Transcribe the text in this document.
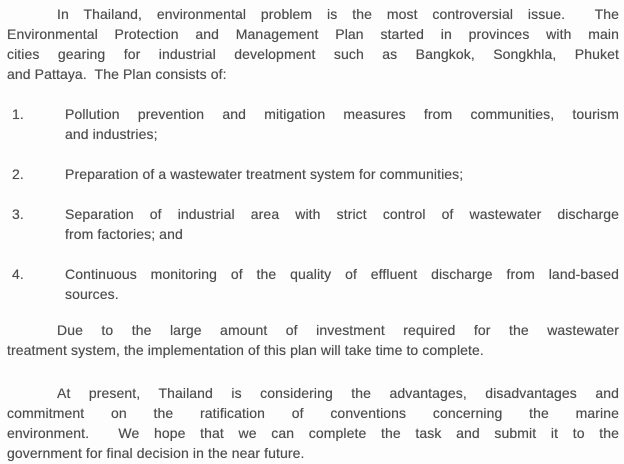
In Thailand, environmental problem is the most controversial issue.  The
Environmental Protection and Management Plan started in provinces with main
cities gearing for industrial development such as Bangkok, Songkhla, Phuket
and Pattaya.  The Plan consists of:
1.	Pollution prevention and mitigation measures from communities, tourism
and industries;
2.	Preparation of a wastewater treatment system for communities;
3.	Separation of industrial area with strict control of wastewater discharge
from factories; and
4.	Continuous monitoring of the quality of effluent discharge from land-based
sources.
Due to the large amount of investment required for the wastewater
treatment system, the implementation of this plan will take time to complete.
At present, Thailand is considering the advantages, disadvantages and
commitment on the ratification of conventions concerning the marine
environment.  We hope that we can complete the task and submit it to the
government for final decision in the near future.
